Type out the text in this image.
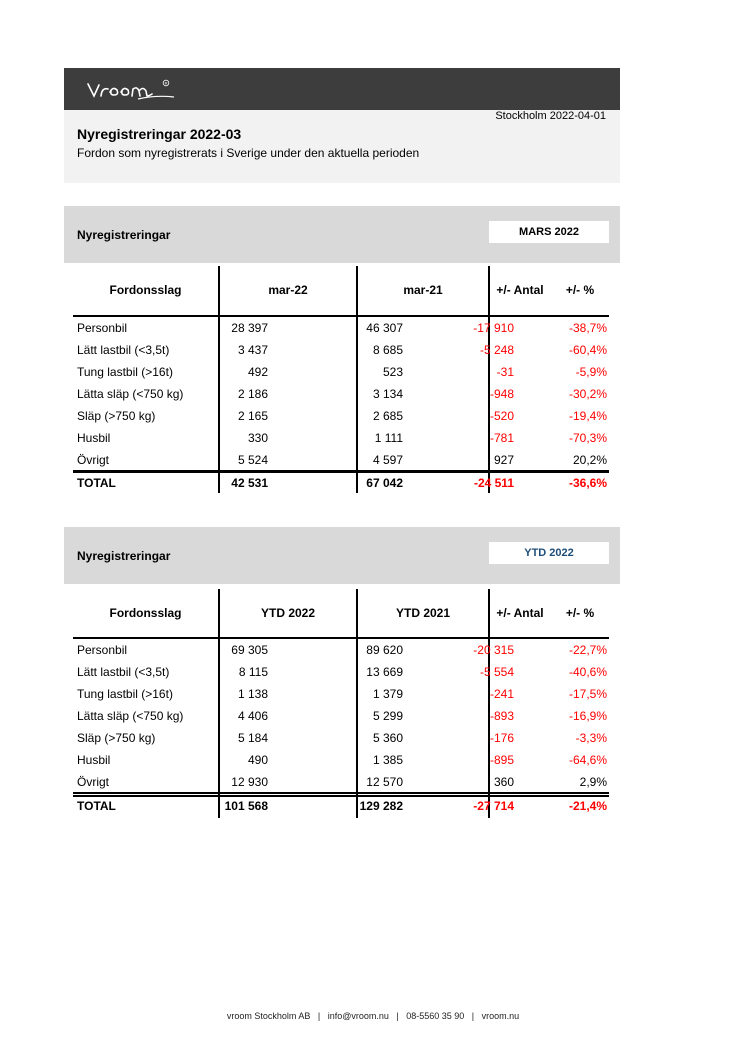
R
Stockholm 2022-04-01
Nyregistreringar 2022-03
Fordon som nyregistrerats i Sverige under den aktuella perioden
Nyregistreringar	MARS 2022
Fordonsslag	mar-22	mar-21	+/- Antal	+/- %
Personbil	28 397	46 307	-17 910	-38,7%
Lätt lastbil (<3,5t)	3 437	8 685	-5 248	-60,4%
Tung lastbil (>16t)	492	523	-31	-5,9%
Lätta släp (<750 kg)	2 186	3 134	-948	-30,2%
Släp (>750 kg)	2 165	2 685	-520	-19,4%
Husbil	330	1 111	-781	-70,3%
Övrigt	5 524	4 597	927	20,2%
TOTAL	42 531	67 042	-24 511	-36,6%
Nyregistreringar	YTD 2022
Fordonsslag	YTD 2022	YTD 2021	+/- Antal	+/- %
Personbil	69 305	89 620	-20 315	-22,7%
Lätt lastbil (<3,5t)	8 115	13 669	-5 554	-40,6%
Tung lastbil (>16t)	1 138	1 379	-241	-17,5%
Lätta släp (<750 kg)	4 406	5 299	-893	-16,9%
Släp (>750 kg)	5 184	5 360	-176	-3,3%
Husbil	490	1 385	-895	-64,6%
Övrigt	12 930	12 570	360	2,9%
TOTAL	101 568	129 282	-27 714	-21,4%
vroom Stockholm AB   |   info@vroom.nu   |   08-5560 35 90   |   vroom.nu
